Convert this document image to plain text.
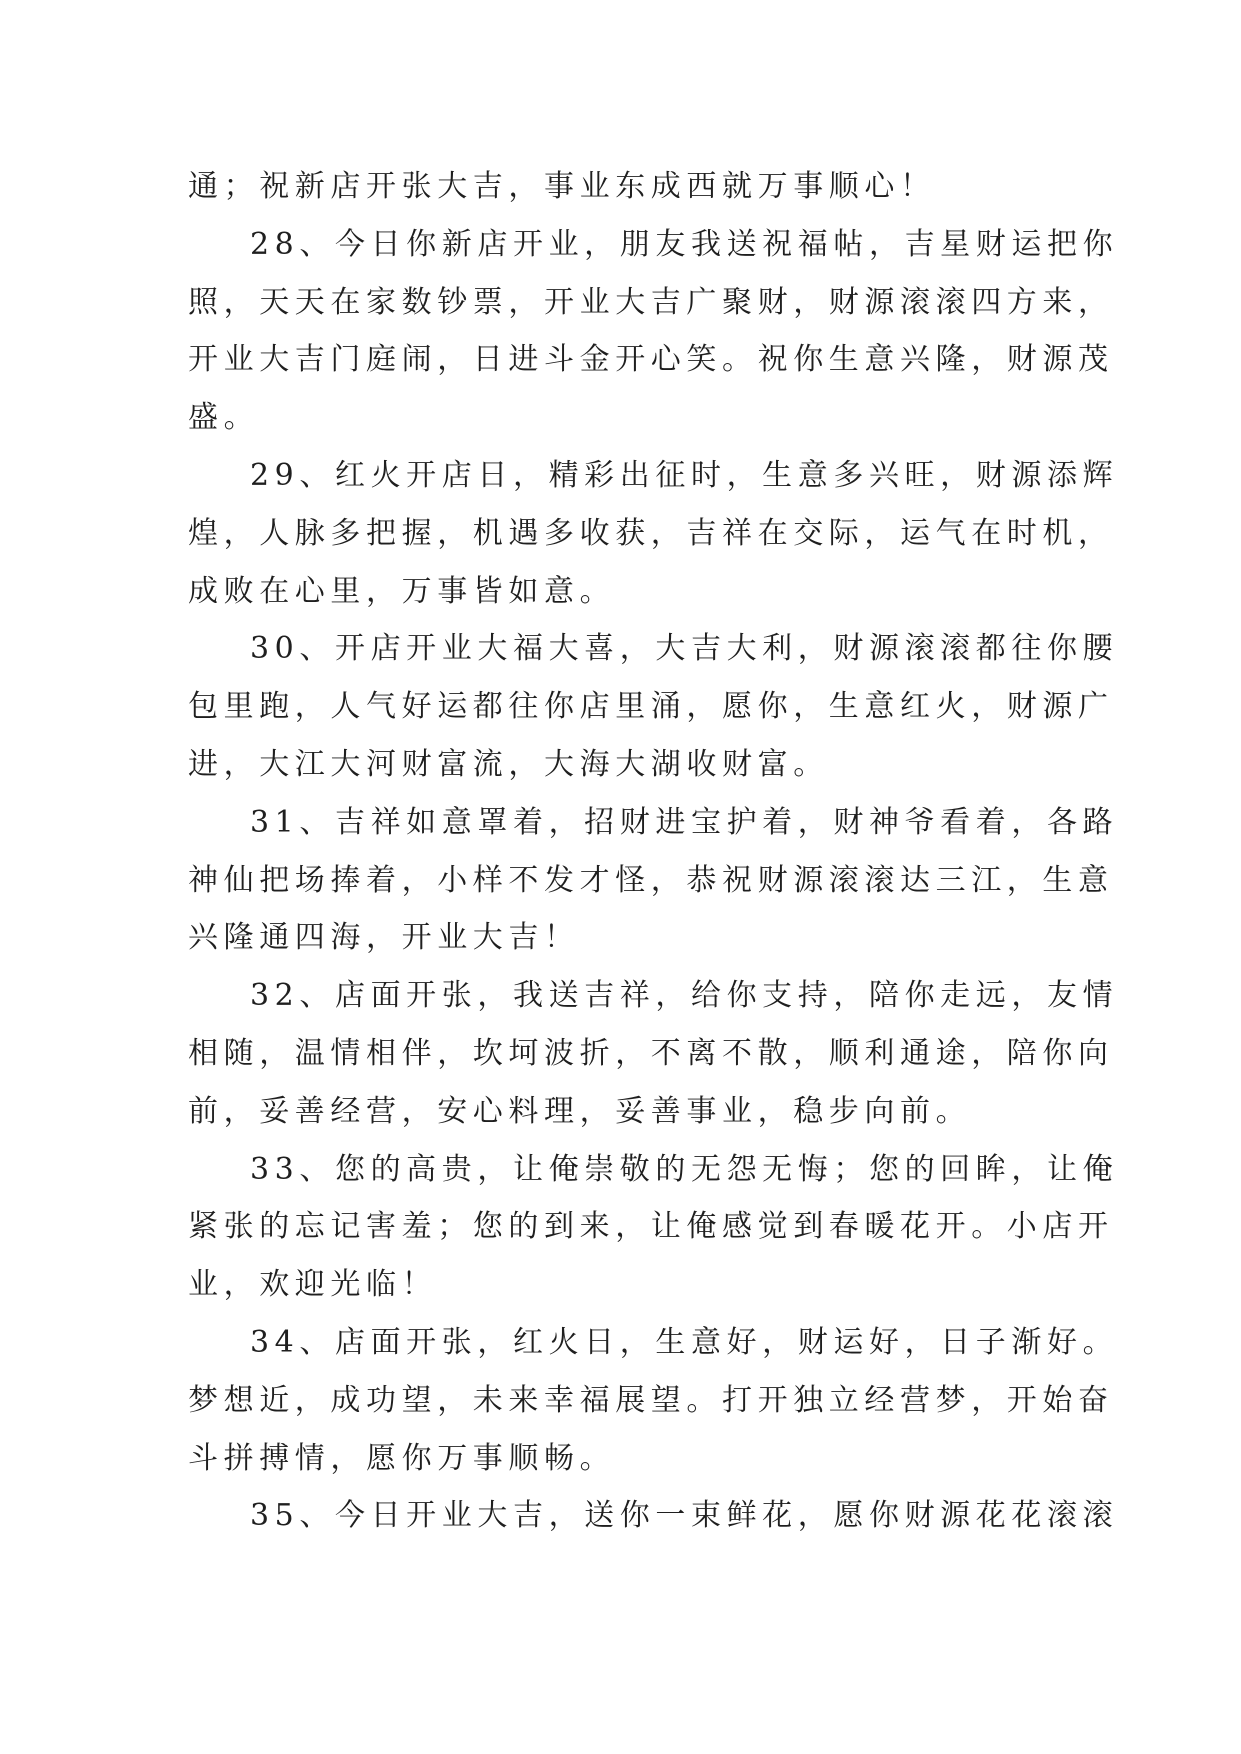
通；祝新店开张大吉，事业东成西就万事顺心！
28、今日你新店开业，朋友我送祝福帖，吉星财运把你
照，天天在家数钞票，开业大吉广聚财，财源滚滚四方来，
开业大吉门庭闹，日进斗金开心笑。祝你生意兴隆，财源茂
盛。
29、红火开店日，精彩出征时，生意多兴旺，财源添辉
煌，人脉多把握，机遇多收获，吉祥在交际，运气在时机，
成败在心里，万事皆如意。
30、开店开业大福大喜，大吉大利，财源滚滚都往你腰
包里跑，人气好运都往你店里涌，愿你，生意红火，财源广
进，大江大河财富流，大海大湖收财富。
31、吉祥如意罩着，招财进宝护着，财神爷看着，各路
神仙把场捧着，小样不发才怪，恭祝财源滚滚达三江，生意
兴隆通四海，开业大吉！
32、店面开张，我送吉祥，给你支持，陪你走远，友情
相随，温情相伴，坎坷波折，不离不散，顺利通途，陪你向
前，妥善经营，安心料理，妥善事业，稳步向前。
33、您的高贵，让俺崇敬的无怨无悔；您的回眸，让俺
紧张的忘记害羞；您的到来，让俺感觉到春暖花开。小店开
业，欢迎光临！
34、店面开张，红火日，生意好，财运好，日子渐好。
梦想近，成功望，未来幸福展望。打开独立经营梦，开始奋
斗拼搏情，愿你万事顺畅。
35、今日开业大吉，送你一束鲜花，愿你财源花花滚滚
